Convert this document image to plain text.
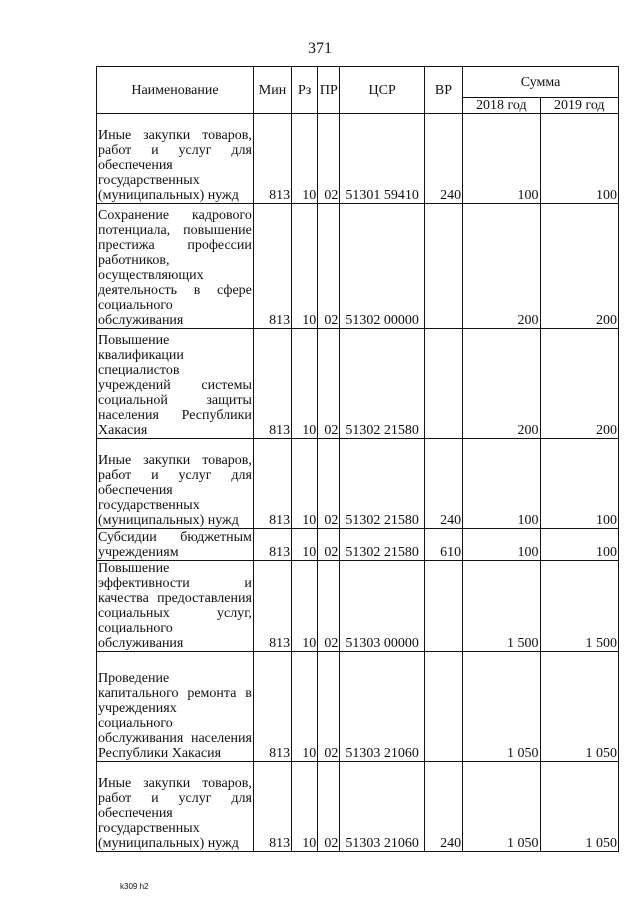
371
Наименование	Мин	Рз	ПР	ЦСР	ВР	Сумма	
						2018 год	2019 год
Иные закупки товаров, работ и услуг для обеспечения государственных (муниципальных) нужд	813	10	02	51301 59410	240	100	100
Сохранение кадрового потенциала, повышение престижа профессии работников, осуществляющих деятельность в сфере социального обслуживания	813	10	02	51302 00000		200	200
Повышение квалификации специалистов учреждений системы социальной защиты населения Республики Хакасия	813	10	02	51302 21580		200	200
Иные закупки товаров, работ и услуг для обеспечения государственных (муниципальных) нужд	813	10	02	51302 21580	240	100	100
Субсидии бюджетным учреждениям	813	10	02	51302 21580	610	100	100
Повышение эффективности и качества предоставления социальных услуг, социального обслуживания	813	10	02	51303 00000		1 500	1 500
Проведение капитального ремонта в учреждениях социального обслуживания населения Республики Хакасия	813	10	02	51303 21060		1 050	1 050
Иные закупки товаров, работ и услуг для обеспечения государственных (муниципальных) нужд	813	10	02	51303 21060	240	1 050	1 050
k309 h2
